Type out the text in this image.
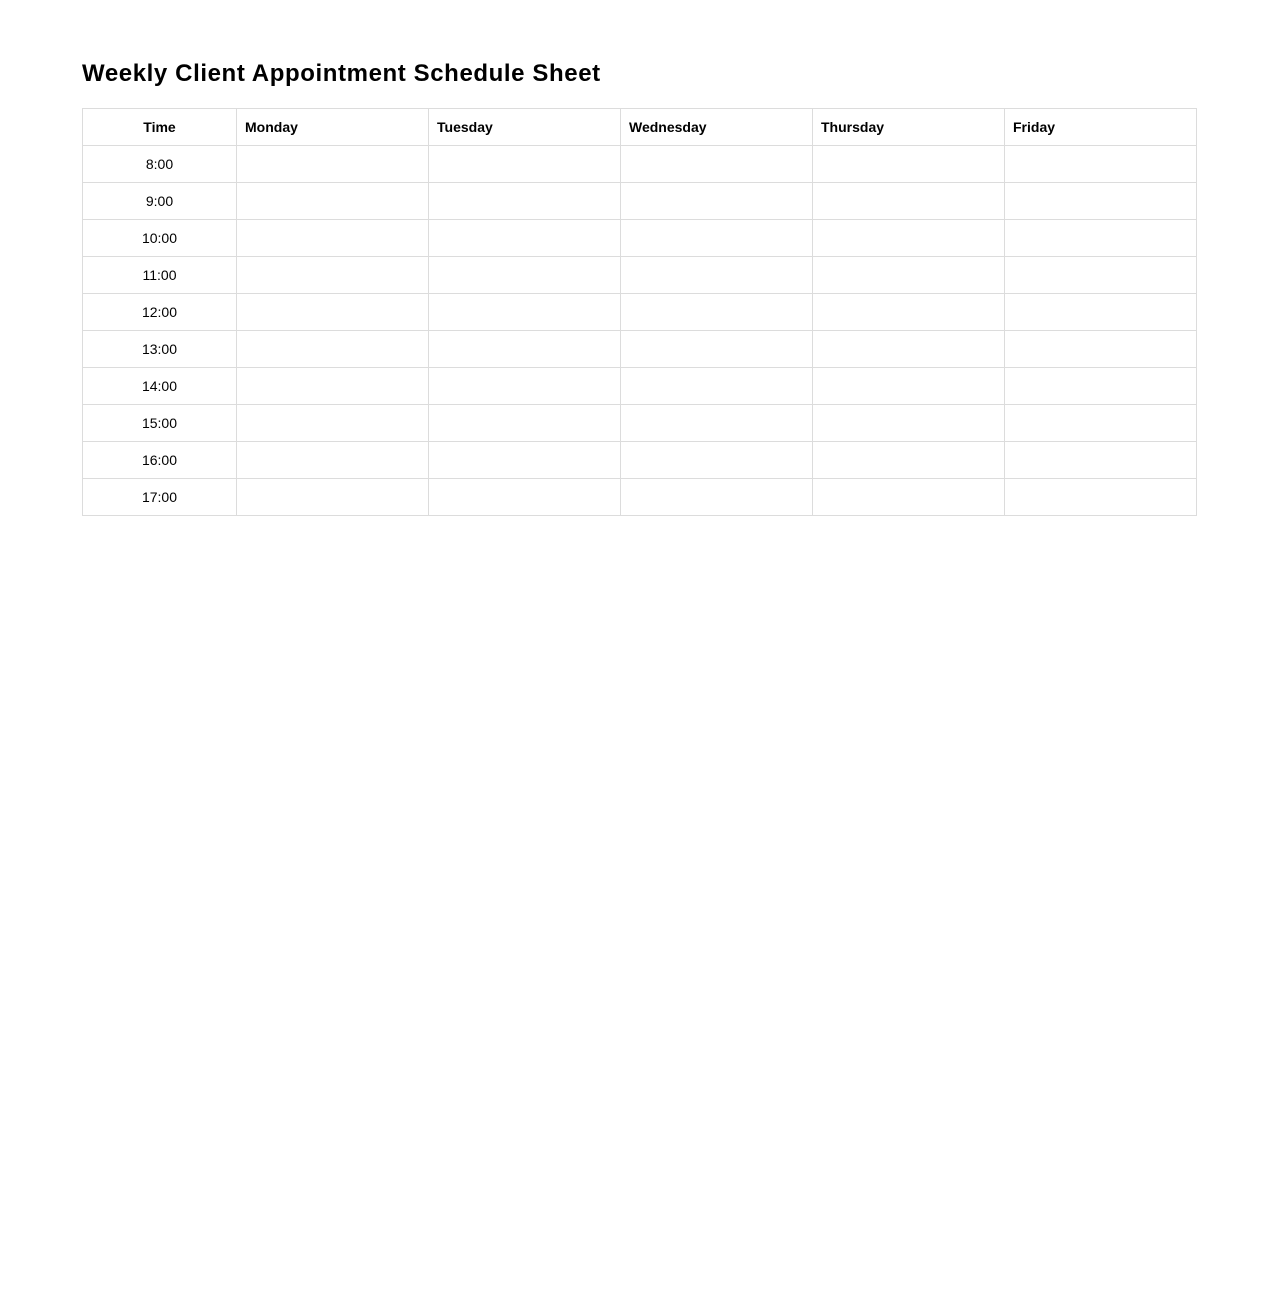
Weekly Client Appointment Schedule Sheet
Time	Monday	Tuesday	Wednesday	Thursday	Friday
8:00					
9:00					
10:00					
11:00					
12:00					
13:00					
14:00					
15:00					
16:00					
17:00					
